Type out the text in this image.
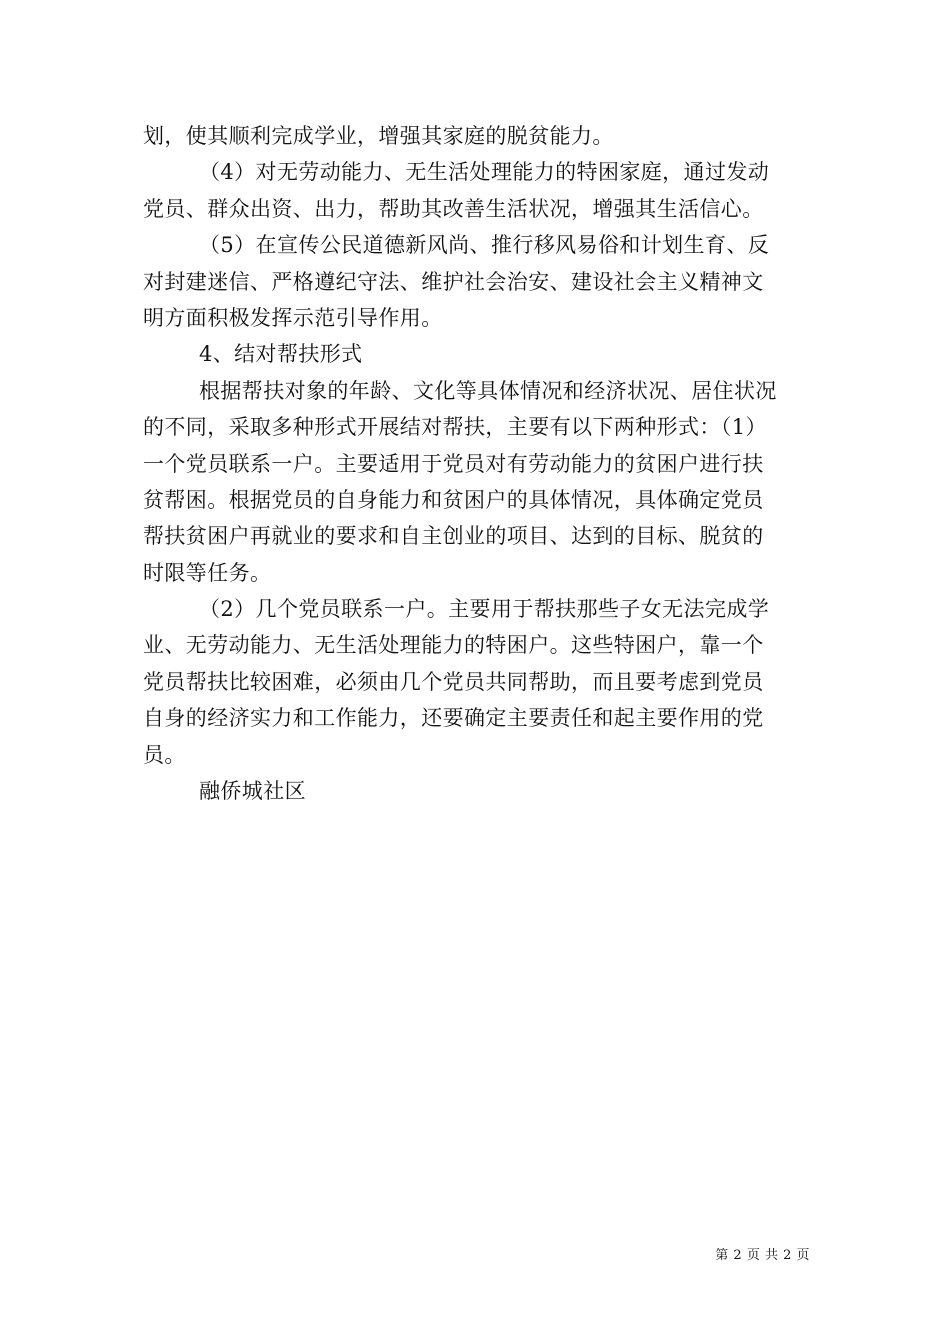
划，使其顺利完成学业，增强其家庭的脱贫能力。
（4）对无劳动能力、无生活处理能力的特困家庭，通过发动
党员、群众出资、出力，帮助其改善生活状况，增强其生活信心。
（5）在宣传公民道德新风尚、推行移风易俗和计划生育、反
对封建迷信、严格遵纪守法、维护社会治安、建设社会主义精神文
明方面积极发挥示范引导作用。
4、结对帮扶形式
根据帮扶对象的年龄、文化等具体情况和经济状况、居住状况
的不同，采取多种形式开展结对帮扶，主要有以下两种形式：（1）
一个党员联系一户。主要适用于党员对有劳动能力的贫困户进行扶
贫帮困。根据党员的自身能力和贫困户的具体情况，具体确定党员
帮扶贫困户再就业的要求和自主创业的项目、达到的目标、脱贫的
时限等任务。
（2）几个党员联系一户。主要用于帮扶那些子女无法完成学
业、无劳动能力、无生活处理能力的特困户。这些特困户，靠一个
党员帮扶比较困难，必须由几个党员共同帮助，而且要考虑到党员
自身的经济实力和工作能力，还要确定主要责任和起主要作用的党
员。
融侨城社区
第 2 页 共 2 页
